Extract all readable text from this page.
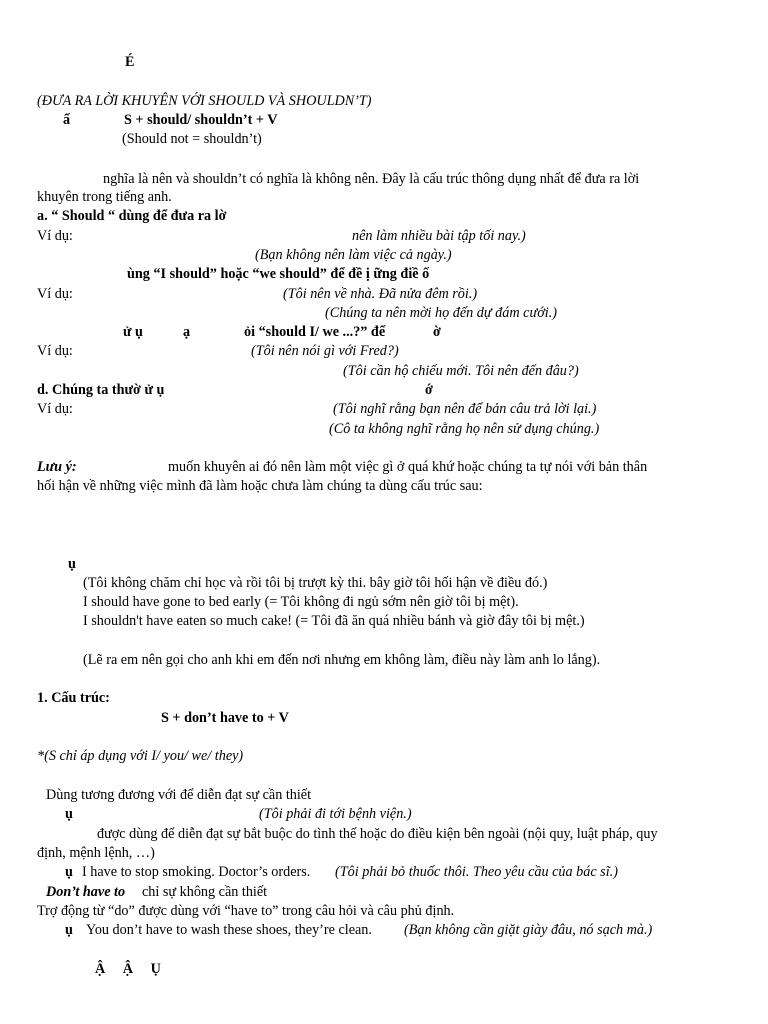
É
(ĐƯA RA LỜI KHUYÊN VỚI SHOULD VÀ SHOULDN’T)
ấ	S + should/ shouldn’t + V
(Should not = shouldn’t)
nghĩa là nên và shouldn’t có nghĩa là không nên. Đây là cấu trúc thông dụng nhất để đưa ra lời
khuyên trong tiếng anh.
a. “ Should “ dùng để đưa ra lờ
Ví dụ:	nên làm nhiều bài tập tối nay.)
(Bạn không nên làm việc cả ngày.)
ùng “I should” hoặc “we should” để đề ị ững điề ố
Ví dụ:	(Tôi nên về nhà. Đã nửa đêm rồi.)
(Chúng ta nên mời họ đến dự đám cưới.)
ử ụ	ạ	ỏi “should I/ we ...?” để	ờ
Ví dụ:	(Tôi nên nói gì với Fred?)
(Tôi cần hộ chiếu mới. Tôi nên đến đâu?)
d. Chúng ta thườ ử ụ	ớ
Ví dụ:	(Tôi nghĩ rằng bạn nên để bản câu trả lời lại.)
(Cô ta không nghĩ rằng họ nên sử dụng chúng.)
Lưu ý:	muốn khuyên ai đó nên làm một việc gì ở quá khứ hoặc chúng ta tự nói với bản thân
hối hận về những việc mình đã làm hoặc chưa làm chúng ta dùng cấu trúc sau:
ụ
(Tôi không chăm chỉ học và rồi tôi bị trượt kỳ thi. bây giờ tôi hối hận về điều đó.)
I should have gone to bed early (= Tôi không đi ngủ sớm nên giờ tôi bị mệt).
I shouldn't have eaten so much cake! (= Tôi đã ăn quá nhiều bánh và giờ đây tôi bị mệt.)
(Lẽ ra em nên gọi cho anh khi em đến nơi nhưng em không làm, điều này làm anh lo lắng).
1. Cấu trúc:
S + don’t have to + V
*(S chỉ áp dụng với I/ you/ we/ they)
Dùng tương đương với để diễn đạt sự cần thiết
ụ	(Tôi phải đi tới bệnh viện.)
được dùng để diễn đạt sự bắt buộc do tình thế hoặc do điều kiện bên ngoài (nội quy, luật pháp, quy
định, mệnh lệnh, …)
ụ I have to stop smoking. Doctor’s orders. (Tôi phải bỏ thuốc thôi. Theo yêu cầu của bác sĩ.)
Don’t have to chỉ sự không cần thiết
Trợ động từ “do” được dùng với “have to” trong câu hỏi và câu phủ định.
ụ You don’t have to wash these shoes, they’re clean. (Bạn không cần giặt giày đâu, nó sạch mà.)
Ậ Ậ Ụ
